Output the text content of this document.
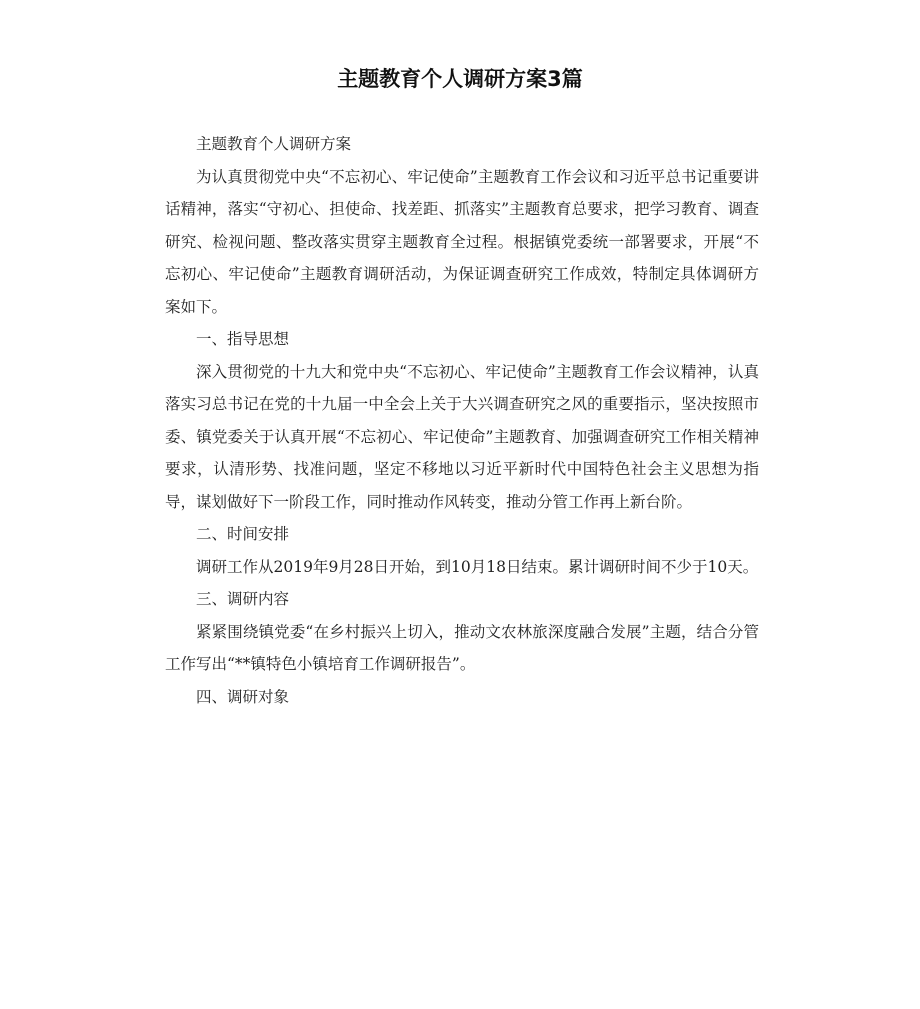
主题教育个人调研方案3篇

主题教育个人调研方案

为认真贯彻党中央“不忘初心、牢记使命”主题教育工作会议和习近平总书记重要讲话精神，落实“守初心、担使命、找差距、抓落实”主题教育总要求，把学习教育、调查研究、检视问题、整改落实贯穿主题教育全过程。根据镇党委统一部署要求，开展“不忘初心、牢记使命”主题教育调研活动，为保证调查研究工作成效，特制定具体调研方案如下。

一、指导思想

深入贯彻党的十九大和党中央“不忘初心、牢记使命”主题教育工作会议精神，认真落实习总书记在党的十九届一中全会上关于大兴调查研究之风的重要指示，坚决按照市委、镇党委关于认真开展“不忘初心、牢记使命”主题教育、加强调查研究工作相关精神要求，认清形势、找准问题，坚定不移地以习近平新时代中国特色社会主义思想为指导，谋划做好下一阶段工作，同时推动作风转变，推动分管工作再上新台阶。

二、时间安排

调研工作从2019年9月28日开始，到10月18日结束。累计调研时间不少于10天。

三、调研内容

紧紧围绕镇党委“在乡村振兴上切入，推动文农林旅深度融合发展”主题，结合分管工作写出“**镇特色小镇培育工作调研报告”。

四、调研对象
